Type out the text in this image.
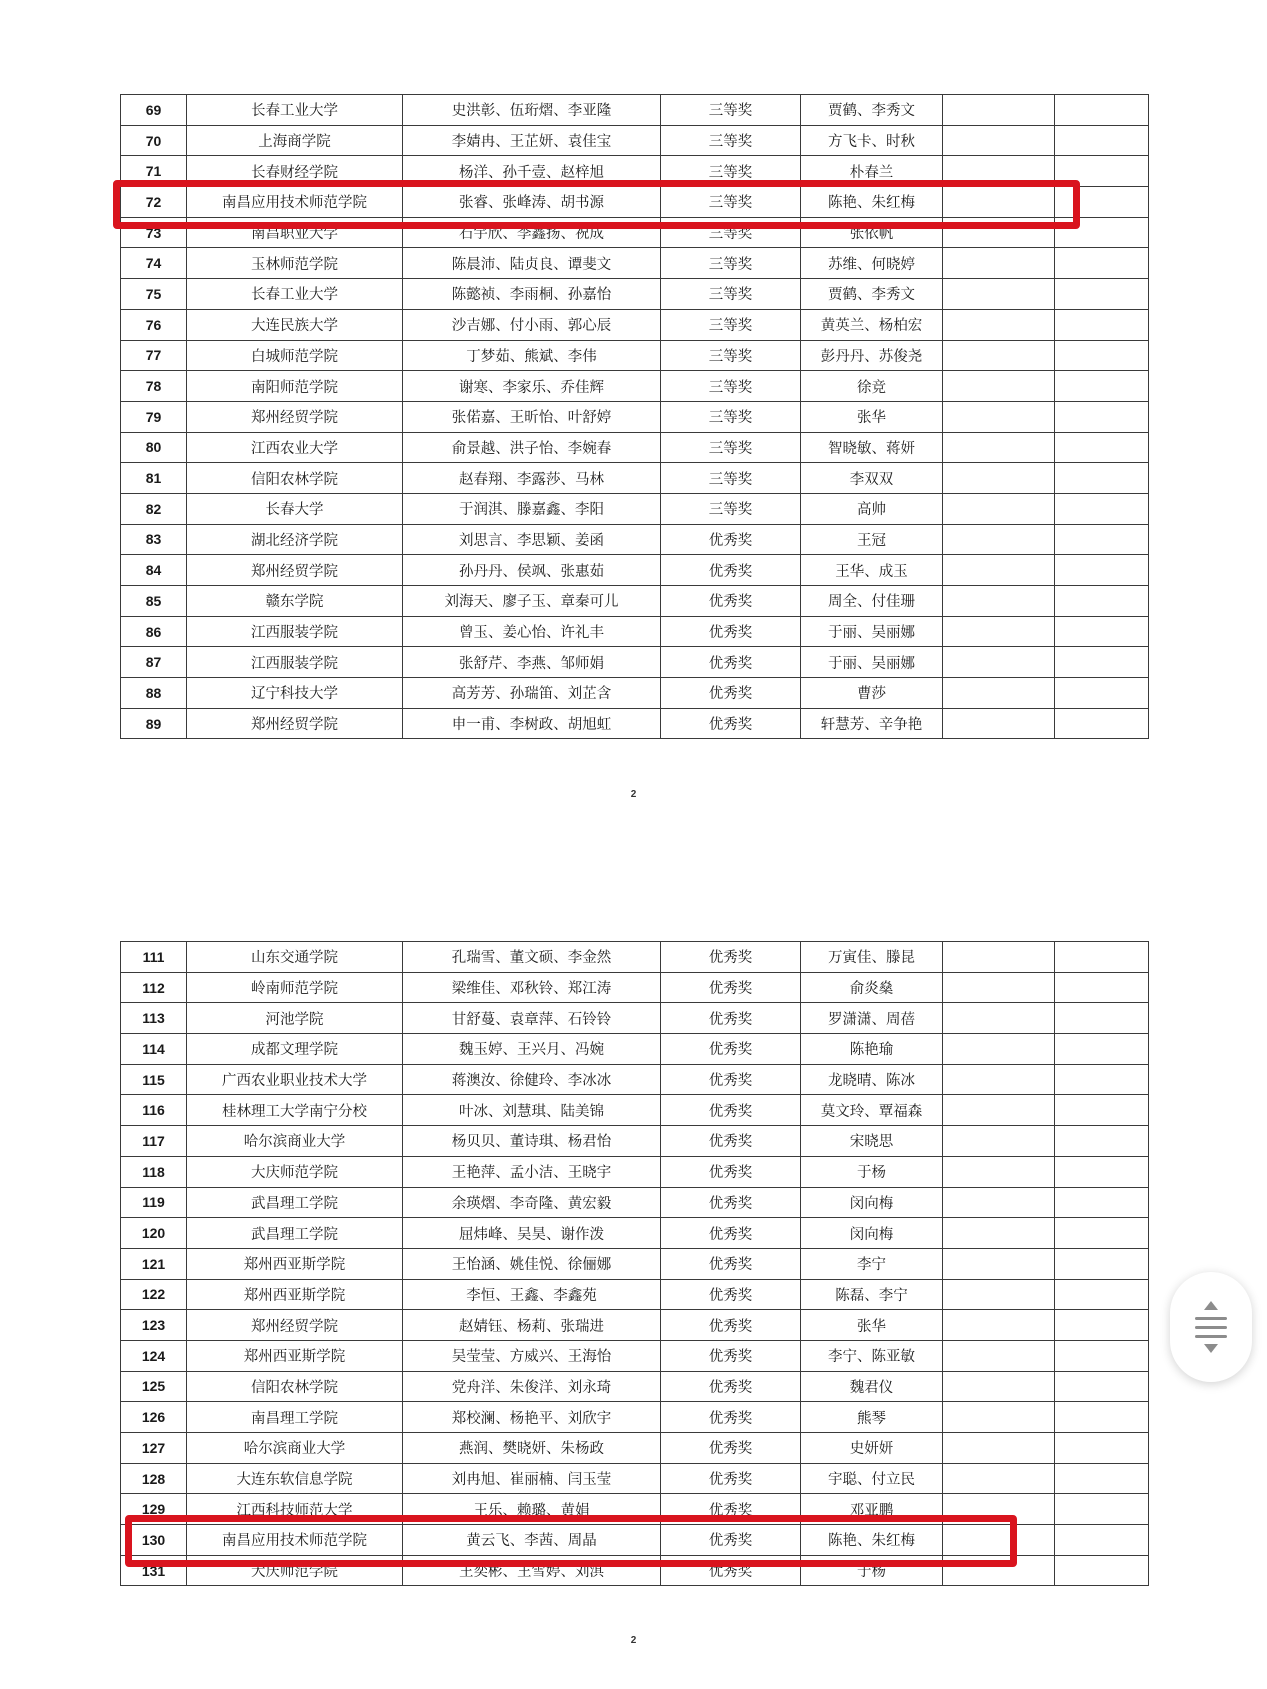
69	长春工业大学	史洪彰、伍珩熠、李亚隆	三等奖	贾鹤、李秀文		
70	上海商学院	李婧冉、王芷妍、袁佳宝	三等奖	方飞卡、时秋		
71	长春财经学院	杨洋、孙千壹、赵梓旭	三等奖	朴春兰		
72	南昌应用技术师范学院	张睿、张峰涛、胡书源	三等奖	陈艳、朱红梅		
73	南昌职业大学	石宇欣、李鑫扬、祝成	三等奖	张依帆		
74	玉林师范学院	陈晨沛、陆贞良、谭斐文	三等奖	苏维、何晓婷		
75	长春工业大学	陈懿祯、李雨桐、孙嘉怡	三等奖	贾鹤、李秀文		
76	大连民族大学	沙吉娜、付小雨、郭心辰	三等奖	黄英兰、杨柏宏		
77	白城师范学院	丁梦茹、熊斌、李伟	三等奖	彭丹丹、苏俊尧		
78	南阳师范学院	谢寒、李家乐、乔佳辉	三等奖	徐竞		
79	郑州经贸学院	张偌嘉、王昕怡、叶舒婷	三等奖	张华		
80	江西农业大学	俞景越、洪子怡、李婉春	三等奖	智晓敏、蒋妍		
81	信阳农林学院	赵春翔、李露莎、马林	三等奖	李双双		
82	长春大学	于润淇、滕嘉鑫、李阳	三等奖	高帅		
83	湖北经济学院	刘思言、李思颖、姜函	优秀奖	王冠		
84	郑州经贸学院	孙丹丹、侯飒、张惠茹	优秀奖	王华、成玉		
85	赣东学院	刘海天、廖子玉、章秦可儿	优秀奖	周全、付佳珊		
86	江西服装学院	曾玉、姜心怡、许礼丰	优秀奖	于丽、吴丽娜		
87	江西服装学院	张舒芹、李燕、邹师娟	优秀奖	于丽、吴丽娜		
88	辽宁科技大学	高芳芳、孙瑞笛、刘芷含	优秀奖	曹莎		
89	郑州经贸学院	申一甫、李树政、胡旭虹	优秀奖	轩慧芳、辛争艳		
2
111	山东交通学院	孔瑞雪、董文硕、李金然	优秀奖	万寅佳、滕昆		
112	岭南师范学院	梁维佳、邓秋铃、郑江涛	优秀奖	俞炎燊		
113	河池学院	甘舒蔓、袁章萍、石铃铃	优秀奖	罗潇潇、周蓓		
114	成都文理学院	魏玉婷、王兴月、冯婉	优秀奖	陈艳瑜		
115	广西农业职业技术大学	蒋澳汝、徐健玲、李冰冰	优秀奖	龙晓晴、陈冰		
116	桂林理工大学南宁分校	叶冰、刘慧琪、陆美锦	优秀奖	莫文玲、覃福森		
117	哈尔滨商业大学	杨贝贝、董诗琪、杨君怡	优秀奖	宋晓思		
118	大庆师范学院	王艳萍、孟小洁、王晓宇	优秀奖	于杨		
119	武昌理工学院	余瑛熠、李奇隆、黄宏毅	优秀奖	闵向梅		
120	武昌理工学院	屈炜峰、吴昊、谢作泼	优秀奖	闵向梅		
121	郑州西亚斯学院	王怡涵、姚佳悦、徐俪娜	优秀奖	李宁		
122	郑州西亚斯学院	李恒、王鑫、李鑫苑	优秀奖	陈磊、李宁		
123	郑州经贸学院	赵婧钰、杨莉、张瑞进	优秀奖	张华		
124	郑州西亚斯学院	吴莹莹、方威兴、王海怡	优秀奖	李宁、陈亚敏		
125	信阳农林学院	党舟洋、朱俊洋、刘永琦	优秀奖	魏君仪		
126	南昌理工学院	郑校澜、杨艳平、刘欣宇	优秀奖	熊琴		
127	哈尔滨商业大学	燕润、樊晓妍、朱杨政	优秀奖	史妍妍		
128	大连东软信息学院	刘冉旭、崔丽楠、闫玉莹	优秀奖	宇聪、付立民		
129	江西科技师范大学	王乐、赖璐、黄娟	优秀奖	邓亚鹏		
130	南昌应用技术师范学院	黄云飞、李茜、周晶	优秀奖	陈艳、朱红梅		
131	大庆师范学院	王奕彬、王雪婷、刘淇	优秀奖	于杨		
2
